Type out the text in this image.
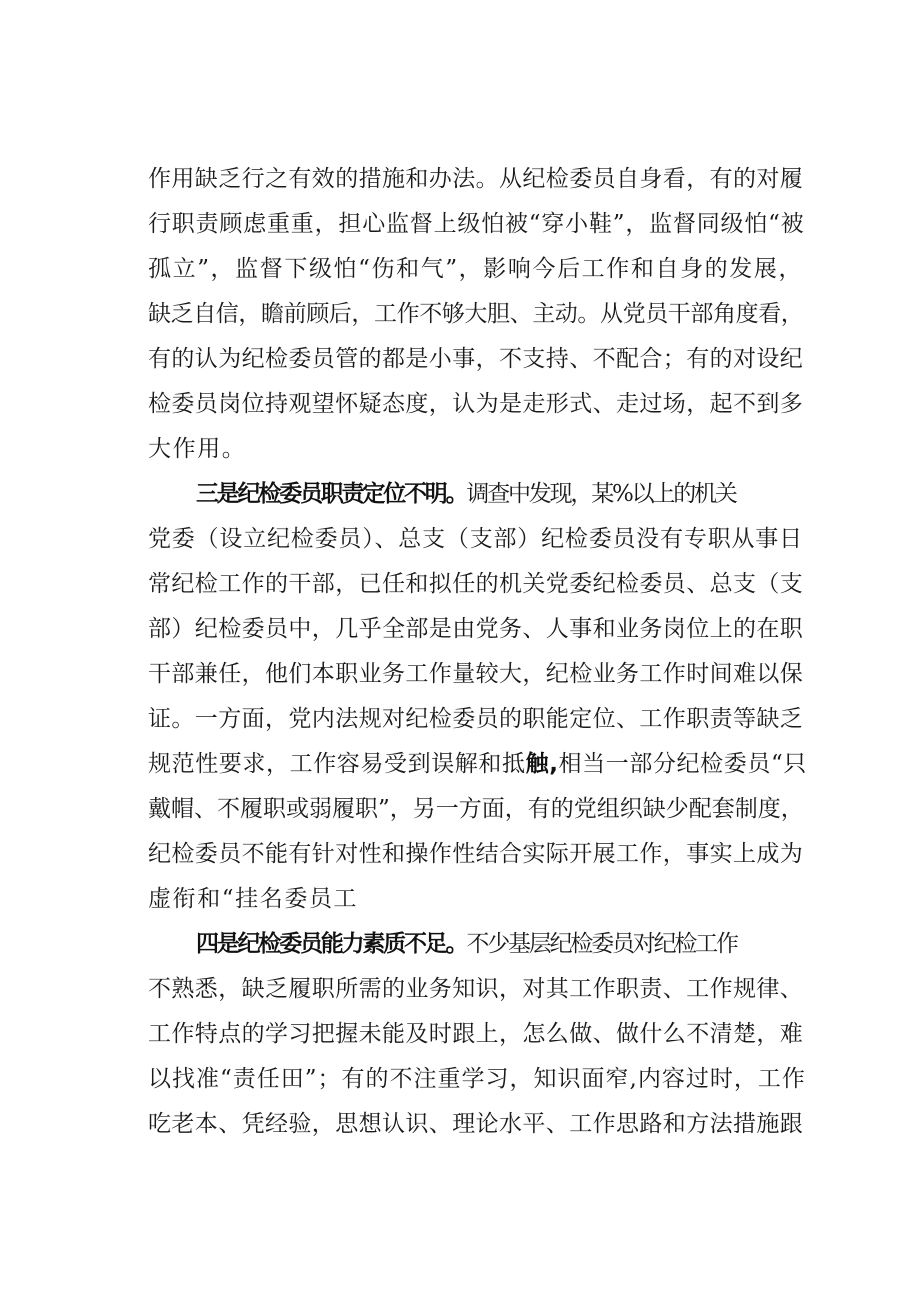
作用缺乏行之有效的措施和办法。从纪检委员自身看，有的对履
行职责顾虑重重，担心监督上级怕被“穿小鞋”，监督同级怕“被
孤立”，监督下级怕“伤和气”，影响今后工作和自身的发展，
缺乏自信，瞻前顾后，工作不够大胆、主动。从党员干部角度看，
有的认为纪检委员管的都是小事，不支持、不配合；有的对设纪
检委员岗位持观望怀疑态度，认为是走形式、走过场，起不到多
大作用。
三是纪检委员职责定位不明。调查中发现，某%以上的机关
党委（设立纪检委员）、总支（支部）纪检委员没有专职从事日
常纪检工作的干部，已任和拟任的机关党委纪检委员、总支（支
部）纪检委员中，几乎全部是由党务、人事和业务岗位上的在职
干部兼任，他们本职业务工作量较大，纪检业务工作时间难以保
证。一方面，党内法规对纪检委员的职能定位、工作职责等缺乏
规范性要求，工作容易受到误解和抵触,相当一部分纪检委员“只
戴帽、不履职或弱履职”，另一方面，有的党组织缺少配套制度，
纪检委员不能有针对性和操作性结合实际开展工作，事实上成为
虚衔和“挂名委员工
四是纪检委员能力素质不足。不少基层纪检委员对纪检工作
不熟悉，缺乏履职所需的业务知识，对其工作职责、工作规律、
工作特点的学习把握未能及时跟上，怎么做、做什么不清楚，难
以找准“责任田”；有的不注重学习，知识面窄,内容过时，工作
吃老本、凭经验，思想认识、理论水平、工作思路和方法措施跟
